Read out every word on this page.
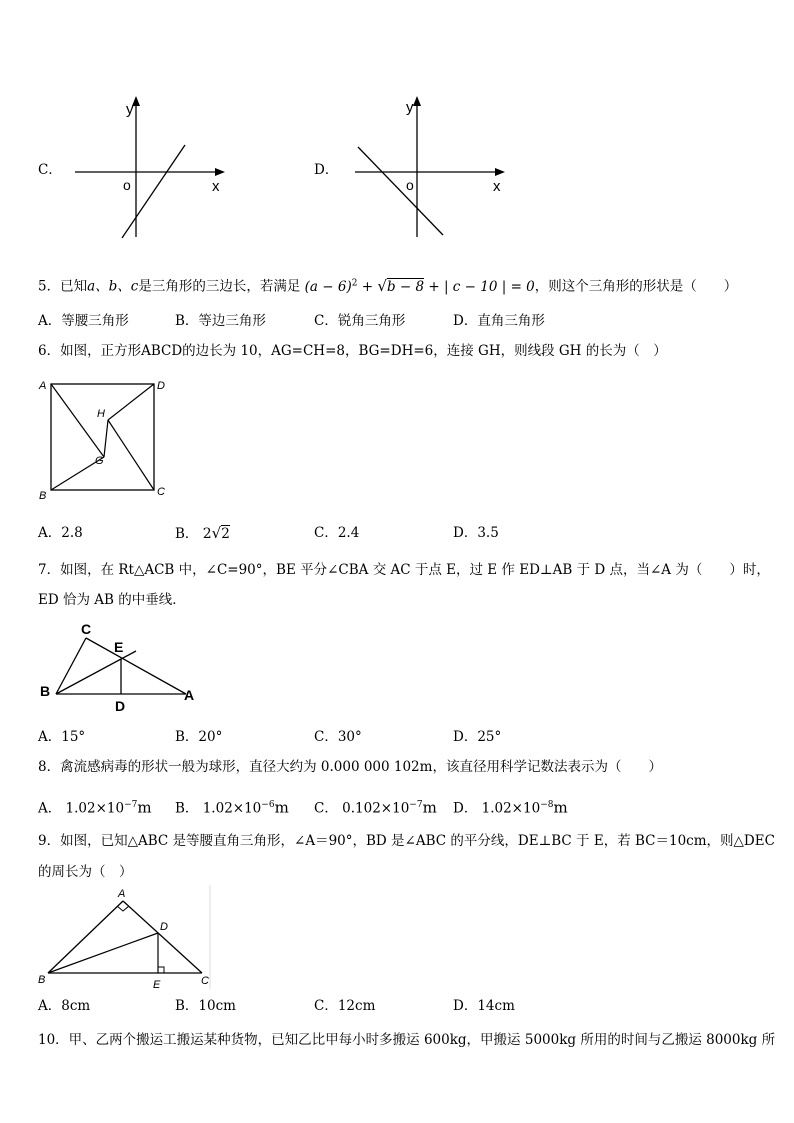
C．
y
x
o
D．
y
x
o
5．已知a、b、c是三角形的三边长，若满足 $(a - 6)^2 + √b - 8$ + | c − 10 | = 0，则这个三角形的形状是（　　）
A．等腰三角形	B．等边三角形	C．锐角三角形	D．直角三角形
6．如图，正方形ABCD的边长为 10，AG=CH=8，BG=DH=6，连接 GH，则线段 GH 的长为（　）
A	D
B	C
G
H
A．2.8	B． 2√2	C．2.4	D．3.5
7．如图，在 Rt△ACB 中，∠C=90°，BE 平分∠CBA 交 AC 于点 E，过 E 作 ED⊥AB 于 D 点，当∠A 为（　　）时，
ED 恰为 AB 的中垂线．
C
E
B	A
D
A．15°	B．20°	C．30°	D．25°
8．禽流感病毒的形状一般为球形，直径大约为 0.000 000 102m，该直径用科学记数法表示为（　　）
A． $1.02\times 10^{-7}m$ B． $1.02\times 10^{-6}m$ C． $0.102\times 10^{-7}m$ D． $1.02\times 10^{-8}m$
9．如图，已知△ABC 是等腰直角三角形，∠A＝90°，BD 是∠ABC 的平分线，DE⊥BC 于 E，若 BC＝10cm，则△DEC
的周长为（　）
A
D
B	C
E
A．8cm	B．10cm	C．12cm	D．14cm
10．甲、乙两个搬运工搬运某种货物，已知乙比甲每小时多搬运 600kg，甲搬运 5000kg 所用的时间与乙搬运 8000kg 所
